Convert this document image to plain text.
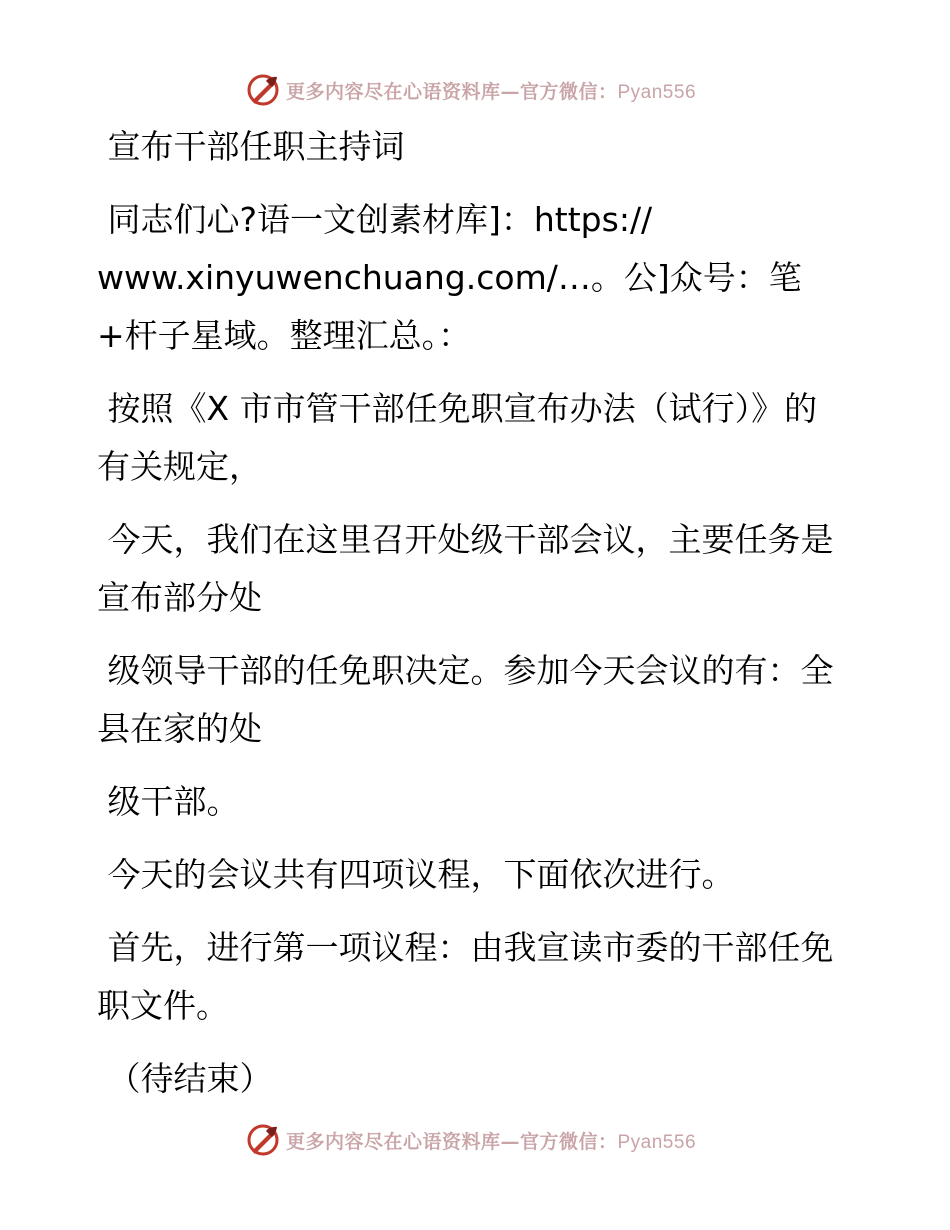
更多内容尽在心语资料库—官方微信：Pyan556

宣布干部任职主持词

同志们心?语一文创素材库]：https://
www.xinyuwenchuang.com/…。公]众号：笔+杆子星域。整理汇总。：

按照《X 市市管干部任免职宣布办法（试行）》的有关规定，

今天，我们在这里召开处级干部会议，主要任务是宣布部分处

级领导干部的任免职决定。参加今天会议的有：全县在家的处

级干部。

今天的会议共有四项议程，下面依次进行。

首先，进行第一项议程：由我宣读市委的干部任免职文件。

（待结束）

更多内容尽在心语资料库—官方微信：Pyan556
